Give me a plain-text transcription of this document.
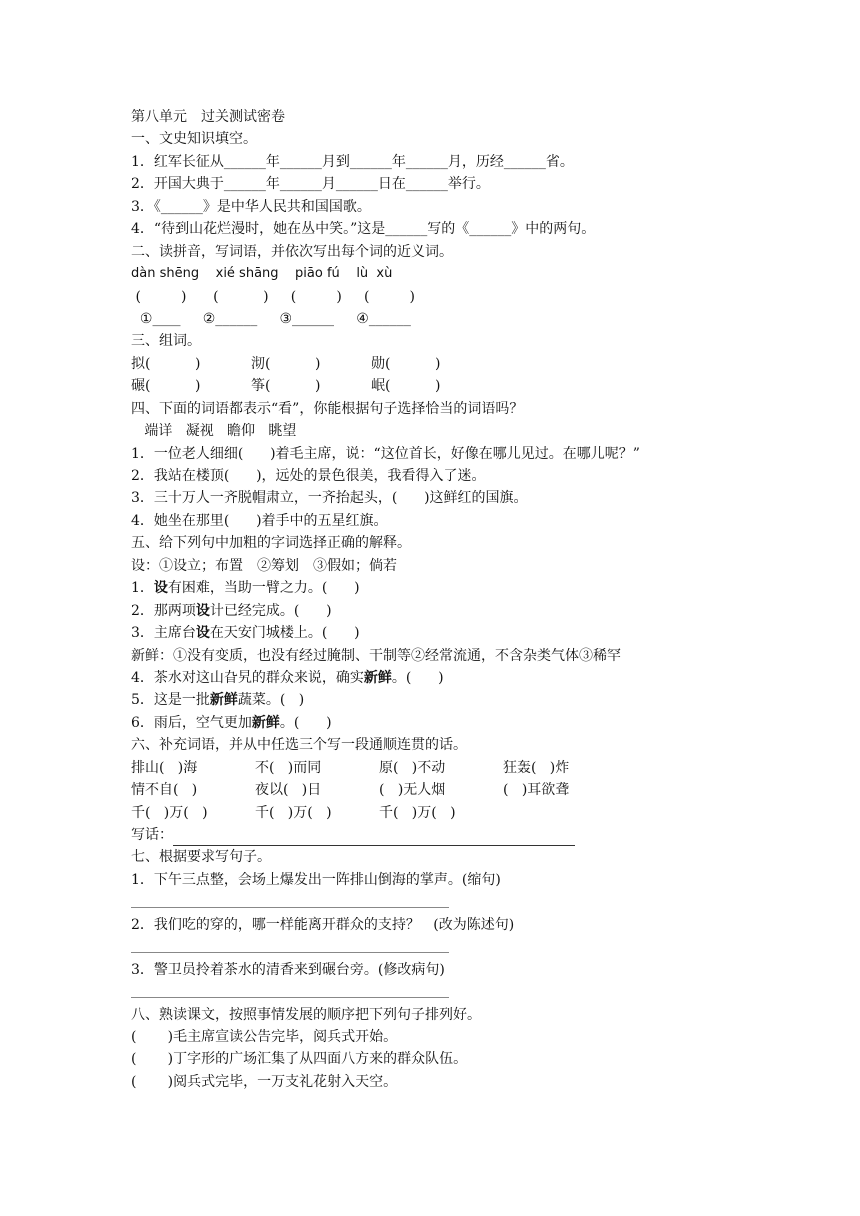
第八单元　过关测试密卷
一、文史知识填空。
1．红军长征从______年______月到______年______月，历经______省。
2．开国大典于______年______月______日在______举行。
3．《______》是中华人民共和国国歌。
4．“待到山花烂漫时，她在丛中笑。”这是______写的《______》中的两句。
二、读拼音，写词语，并依次写出每个词的近义词。
dàn shēng    xié shāng    piāo fú    lù  xù
(         )      (          )     (         )     (         )
①____     ②______     ③______     ④______
三、组词。
拟(          )	沏(          )	勋(          )
碾(          )	筝(          )	岷(          )
四、下面的词语都表示“看”，你能根据句子选择恰当的词语吗？
端详   凝视   瞻仰   眺望
1．一位老人细细(      )着毛主席，说：“这位首长，好像在哪儿见过。在哪儿呢？”
2．我站在楼顶(      )，远处的景色很美，我看得入了迷。
3．三十万人一齐脱帽肃立，一齐抬起头，(      )这鲜红的国旗。
4．她坐在那里(      )着手中的五星红旗。
五、给下列句中加粗的字词选择正确的解释。
设：①设立；布置　②筹划　③假如；倘若
1．设有困难，当助一臂之力。(      )
2．那两项设计已经完成。(      )
3．主席台设在天安门城楼上。(      )
新鲜：①没有变质，也没有经过腌制、干制等②经常流通，不含杂类气体③稀罕
4．茶水对这山旮旯的群众来说，确实新鲜。(      )
5．这是一批新鲜蔬菜。(   )
6．雨后，空气更加新鲜。(      )
六、补充词语，并从中任选三个写一段通顺连贯的话。
排山(   )海	不(   )而同	原(   )不动	狂轰(   )炸
情不自(   )	夜以(   )日	(   )无人烟	(   )耳欲聋
千(   )万(   )	千(   )万(   )	千(   )万(   )
写话：
七、根据要求写句子。
1．下午三点整，会场上爆发出一阵排山倒海的掌声。(缩句)
2．我们吃的穿的，哪一样能离开群众的支持？   (改为陈述句)
3．警卫员拎着茶水的清香来到碾台旁。(修改病句)
八、熟读课文，按照事情发展的顺序把下列句子排列好。
(       )毛主席宣读公告完毕，阅兵式开始。
(       )丁字形的广场汇集了从四面八方来的群众队伍。
(       )阅兵式完毕，一万支礼花射入天空。
